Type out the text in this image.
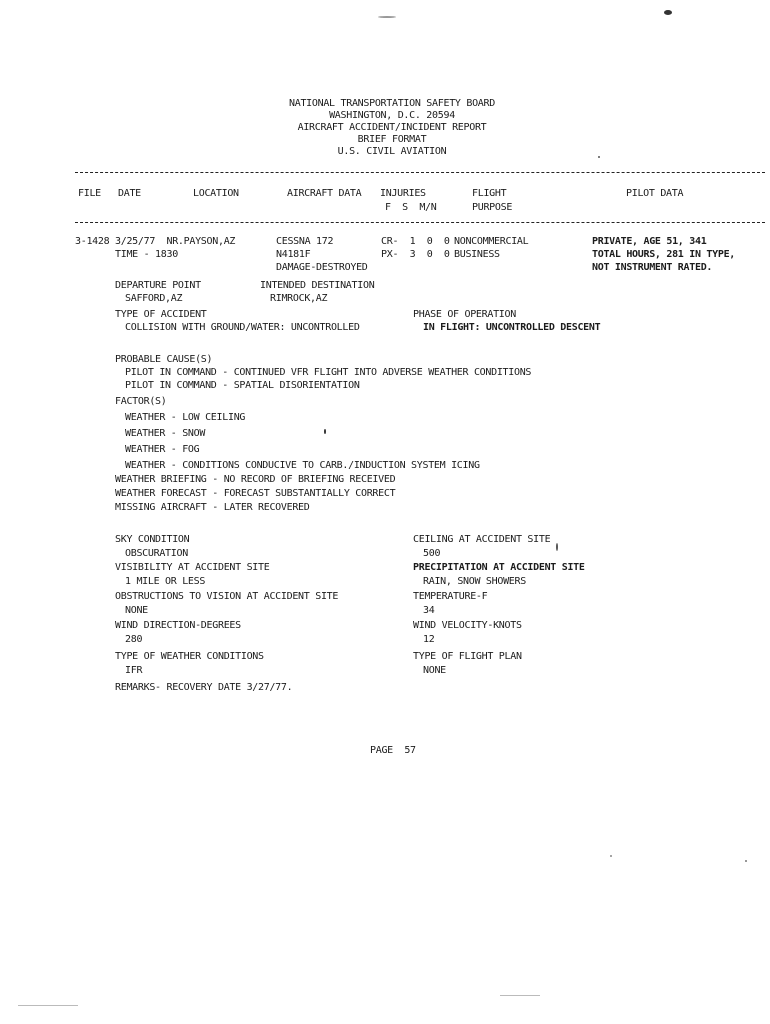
NATIONAL TRANSPORTATION SAFETY BOARD
WASHINGTON, D.C. 20594
AIRCRAFT ACCIDENT/INCIDENT REPORT
BRIEF FORMAT
U.S. CIVIL AVIATION
FILE DATE	LOCATION	AIRCRAFT DATA INJURIES
F  S  M/N
FLIGHT
PURPOSE
PILOT DATA
3-1428 3/25/77  NR.PAYSON,AZ
TIME - 1830
CESSNA 172
N4181F
DAMAGE-DESTROYED
CR-  1  0  0
PX-  3  0  0
NONCOMMERCIAL
BUSINESS
PRIVATE, AGE 51, 341
TOTAL HOURS, 281 IN TYPE,
NOT INSTRUMENT RATED.
DEPARTURE POINT
SAFFORD,AZ
INTENDED DESTINATION
RIMROCK,AZ
TYPE OF ACCIDENT
COLLISION WITH GROUND/WATER: UNCONTROLLED
PHASE OF OPERATION
IN FLIGHT: UNCONTROLLED DESCENT
PROBABLE CAUSE(S)
PILOT IN COMMAND - CONTINUED VFR FLIGHT INTO ADVERSE WEATHER CONDITIONS
PILOT IN COMMAND - SPATIAL DISORIENTATION
FACTOR(S)
WEATHER - LOW CEILING
WEATHER - SNOW
WEATHER - FOG
WEATHER - CONDITIONS CONDUCIVE TO CARB./INDUCTION SYSTEM ICING
WEATHER BRIEFING - NO RECORD OF BRIEFING RECEIVED
WEATHER FORECAST - FORECAST SUBSTANTIALLY CORRECT
MISSING AIRCRAFT - LATER RECOVERED
SKY CONDITION
OBSCURATION
CEILING AT ACCIDENT SITE
500
VISIBILITY AT ACCIDENT SITE
1 MILE OR LESS
PRECIPITATION AT ACCIDENT SITE
RAIN, SNOW SHOWERS
OBSTRUCTIONS TO VISION AT ACCIDENT SITE
NONE
TEMPERATURE-F
34
WIND DIRECTION-DEGREES
280
WIND VELOCITY-KNOTS
12
TYPE OF WEATHER CONDITIONS
IFR
TYPE OF FLIGHT PLAN
NONE
REMARKS- RECOVERY DATE 3/27/77.
PAGE  57
